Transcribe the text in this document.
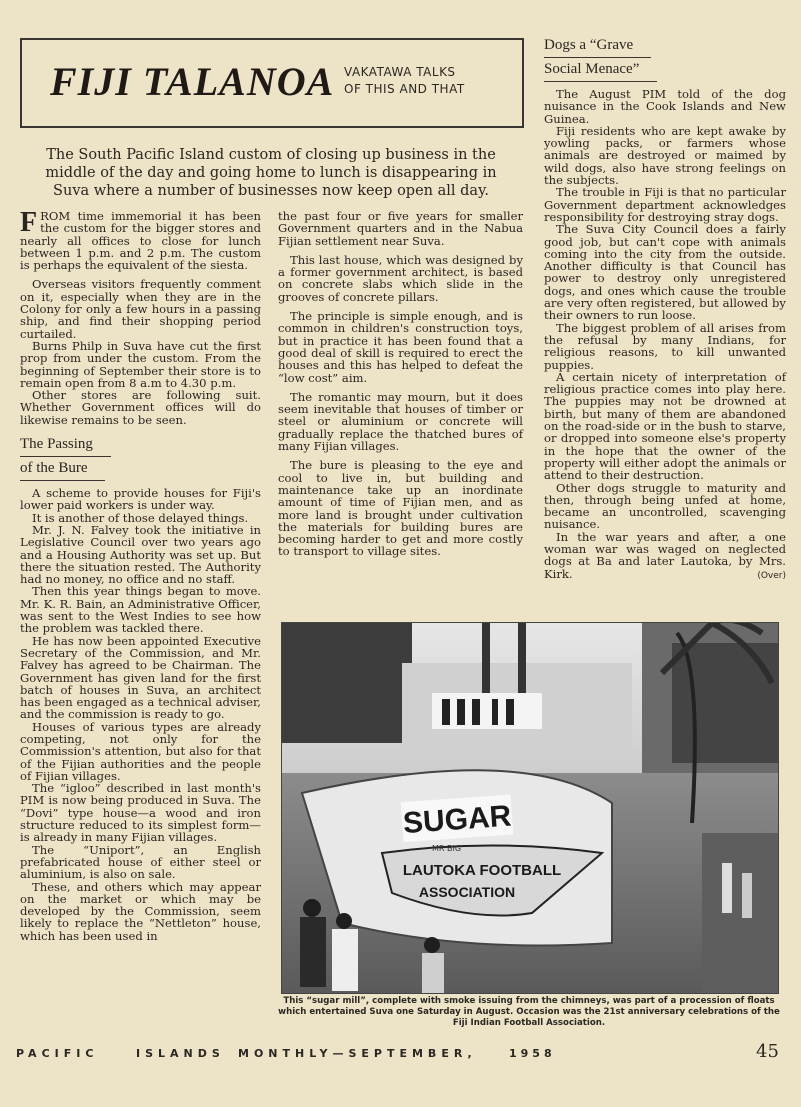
FIJI TALANOA VAKATAWA TALKS
OF THIS AND THAT
The South Pacific Island custom of closing up business in the middle of the day and going home to lunch is disappearing in Suva where a number of businesses now keep open all day.

FROM time immemorial it has been the custom for the bigger stores and nearly all offices to close for lunch between 1 p.m. and 2 p.m. The custom is perhaps the equivalent of the siesta.

Overseas visitors frequently comment on it, especially when they are in the Colony for only a few hours in a passing ship, and find their shopping period curtailed.

Burns Philp in Suva have cut the first prop from under the custom. From the beginning of September their store is to remain open from 8 a.m to 4.30 p.m.

Other stores are following suit. Whether Government offices will do likewise remains to be seen.

The Passing
of the Bure

A scheme to provide houses for Fiji's lower paid workers is under way.

It is another of those delayed things.

Mr. J. N. Falvey took the initiative in Legislative Council over two years ago and a Housing Authority was set up. But there the situation rested. The Authority had no money, no office and no staff.

Then this year things began to move. Mr. K. R. Bain, an Administrative Officer, was sent to the West Indies to see how the problem was tackled there.

He has now been appointed Executive Secretary of the Commission, and Mr. Falvey has agreed to be Chairman. The Government has given land for the first batch of houses in Suva, an architect has been engaged as a technical adviser, and the commission is ready to go.

Houses of various types are already competing, not only for the Commission's attention, but also for that of the Fijian authorities and the people of Fijian villages.

The “igloo” described in last month's PIM is now being produced in Suva. The “Dovi” type house—a wood and iron structure reduced to its simplest form—is already in many Fijian villages.

The “Uniport”, an English prefabricated house of either steel or aluminium, is also on sale.

These, and others which may appear on the market or which may be developed by the Commission, seem likely to replace the “Nettleton” house, which has been used in

the past four or five years for smaller Government quarters and in the Nabua Fijian settlement near Suva.

This last house, which was designed by a former government architect, is based on concrete slabs which slide in the grooves of concrete pillars.

The principle is simple enough, and is common in children's construction toys, but in practice it has been found that a good deal of skill is required to erect the houses and this has helped to defeat the “low cost” aim.

The romantic may mourn, but it does seem inevitable that houses of timber or steel or aluminium or concrete will gradually replace the thatched bures of many Fijian villages.

The bure is pleasing to the eye and cool to live in, but building and maintenance take up an inordinate amount of time of Fijian men, and as more land is brought under cultivation the materials for building bures are becoming harder to get and more costly to transport to village sites.

Dogs a “Grave
Social Menace”

The August PIM told of the dog nuisance in the Cook Islands and New Guinea.

Fiji residents who are kept awake by yowling packs, or farmers whose animals are destroyed or maimed by wild dogs, also have strong feelings on the subjects.

The trouble in Fiji is that no particular Government department acknowledges responsibility for destroying stray dogs.

The Suva City Council does a fairly good job, but can't cope with animals coming into the city from the outside. Another difficulty is that Council has power to destroy only unregistered dogs, and ones which cause the trouble are very often registered, but allowed by their owners to run loose.

The biggest problem of all arises from the refusal by many Indians, for religious reasons, to kill unwanted puppies.

A certain nicety of interpretation of religious practice comes into play here. The puppies may not be drowned at birth, but many of them are abandoned on the road-side or in the bush to starve, or dropped into someone else's property in the hope that the owner of the property will either adopt the animals or attend to their destruction.

Other dogs struggle to maturity and then, through being unfed at home, became an uncontrolled, scavenging nuisance.

In the war years and after, a one woman war was waged on neglected dogs at Ba and later Lautoka, by Mrs. Kirk.	(Over)

SUGAR
MR BIG
LAUTOKA FOOTBALL
ASSOCIATION
This “sugar mill”, complete with smoke issuing from the chimneys, was part of a procession of floats which entertained Suva one Saturday in August. Occasion was the 21st anniversary celebrations of the Fiji Indian Football Association.
PACIFIC	ISLANDS MONTHLY—SEPTEMBER,	1958	45
